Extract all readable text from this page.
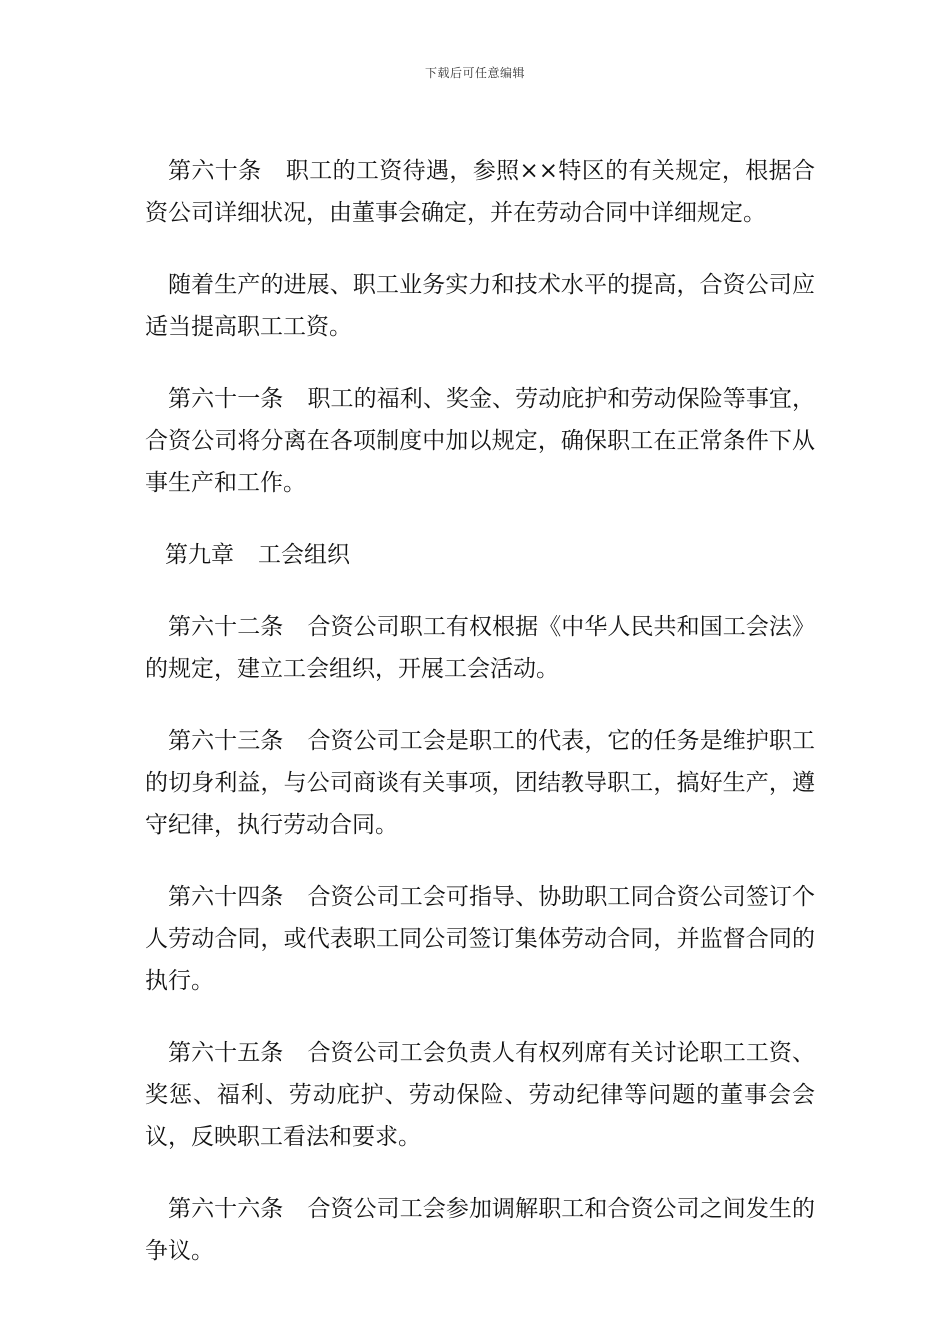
下载后可任意编辑

第六十条 职工的工资待遇，参照××特区的有关规定，根据合资公司详细状况，由董事会确定，并在劳动合同中详细规定。

随着生产的进展、职工业务实力和技术水平的提高，合资公司应适当提高职工工资。

第六十一条 职工的福利、奖金、劳动庇护和劳动保险等事宜，合资公司将分离在各项制度中加以规定，确保职工在正常条件下从事生产和工作。

第九章 工会组织

第六十二条 合资公司职工有权根据《中华人民共和国工会法》的规定，建立工会组织，开展工会活动。

第六十三条 合资公司工会是职工的代表，它的任务是维护职工的切身利益，与公司商谈有关事项，团结教导职工，搞好生产，遵守纪律，执行劳动合同。

第六十四条 合资公司工会可指导、协助职工同合资公司签订个人劳动合同，或代表职工同公司签订集体劳动合同，并监督合同的执行。

第六十五条 合资公司工会负责人有权列席有关讨论职工工资、奖惩、福利、劳动庇护、劳动保险、劳动纪律等问题的董事会会议，反映职工看法和要求。

第六十六条 合资公司工会参加调解职工和合资公司之间发生的争议。
